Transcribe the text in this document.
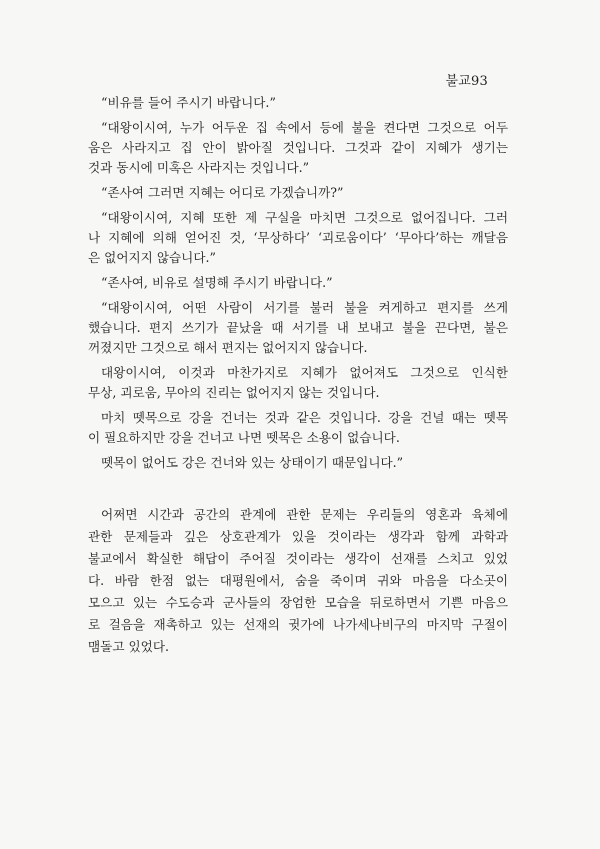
불교93
“비유를 들어 주시기 바랍니다.”
“대왕이시여, 누가 어두운 집 속에서 등에 불을 켠다면 그것으로 어두
움은 사라지고 집 안이 밝아질 것입니다. 그것과 같이 지혜가 생기는
것과 동시에 미혹은 사라지는 것입니다.”
“존사여 그러면 지혜는 어디로 가겠습니까?”
“대왕이시여, 지혜 또한 제 구실을 마치면 그것으로 없어집니다. 그러
나 지혜에 의해 얻어진 것, ‘무상하다’ ‘괴로움이다’ ‘무아다’하는 깨달음
은 없어지지 않습니다.”
“존사여, 비유로 설명해 주시기 바랍니다.”
“대왕이시여, 어떤 사람이 서기를 불러 불을 켜게하고 편지를 쓰게
했습니다. 편지 쓰기가 끝났을 때 서기를 내 보내고 불을 끈다면, 불은
꺼졌지만 그것으로 해서 편지는 없어지지 않습니다.
대왕이시여, 이것과 마찬가지로 지혜가 없어져도 그것으로 인식한
무상, 괴로움, 무아의 진리는 없어지지 않는 것입니다.
마치 뗏목으로 강을 건너는 것과 같은 것입니다. 강을 건널 때는 뗏목
이 필요하지만 강을 건너고 나면 뗏목은 소용이 없습니다.
뗏목이 없어도 강은 건너와 있는 상태이기 때문입니다.”
어쩌면 시간과 공간의 관계에 관한 문제는 우리들의 영혼과 육체에
관한 문제들과 깊은 상호관계가 있을 것이라는 생각과 함께 과학과
불교에서 확실한 해답이 주어질 것이라는 생각이 선재를 스치고 있었
다. 바람 한점 없는 대평원에서, 숨을 죽이며 귀와 마음을 다소곳이
모으고 있는 수도승과 군사들의 장엄한 모습을 뒤로하면서 기쁜 마음으
로 걸음을 재촉하고 있는 선재의 귓가에 나가세나비구의 마지막 구절이
맴돌고 있었다.
